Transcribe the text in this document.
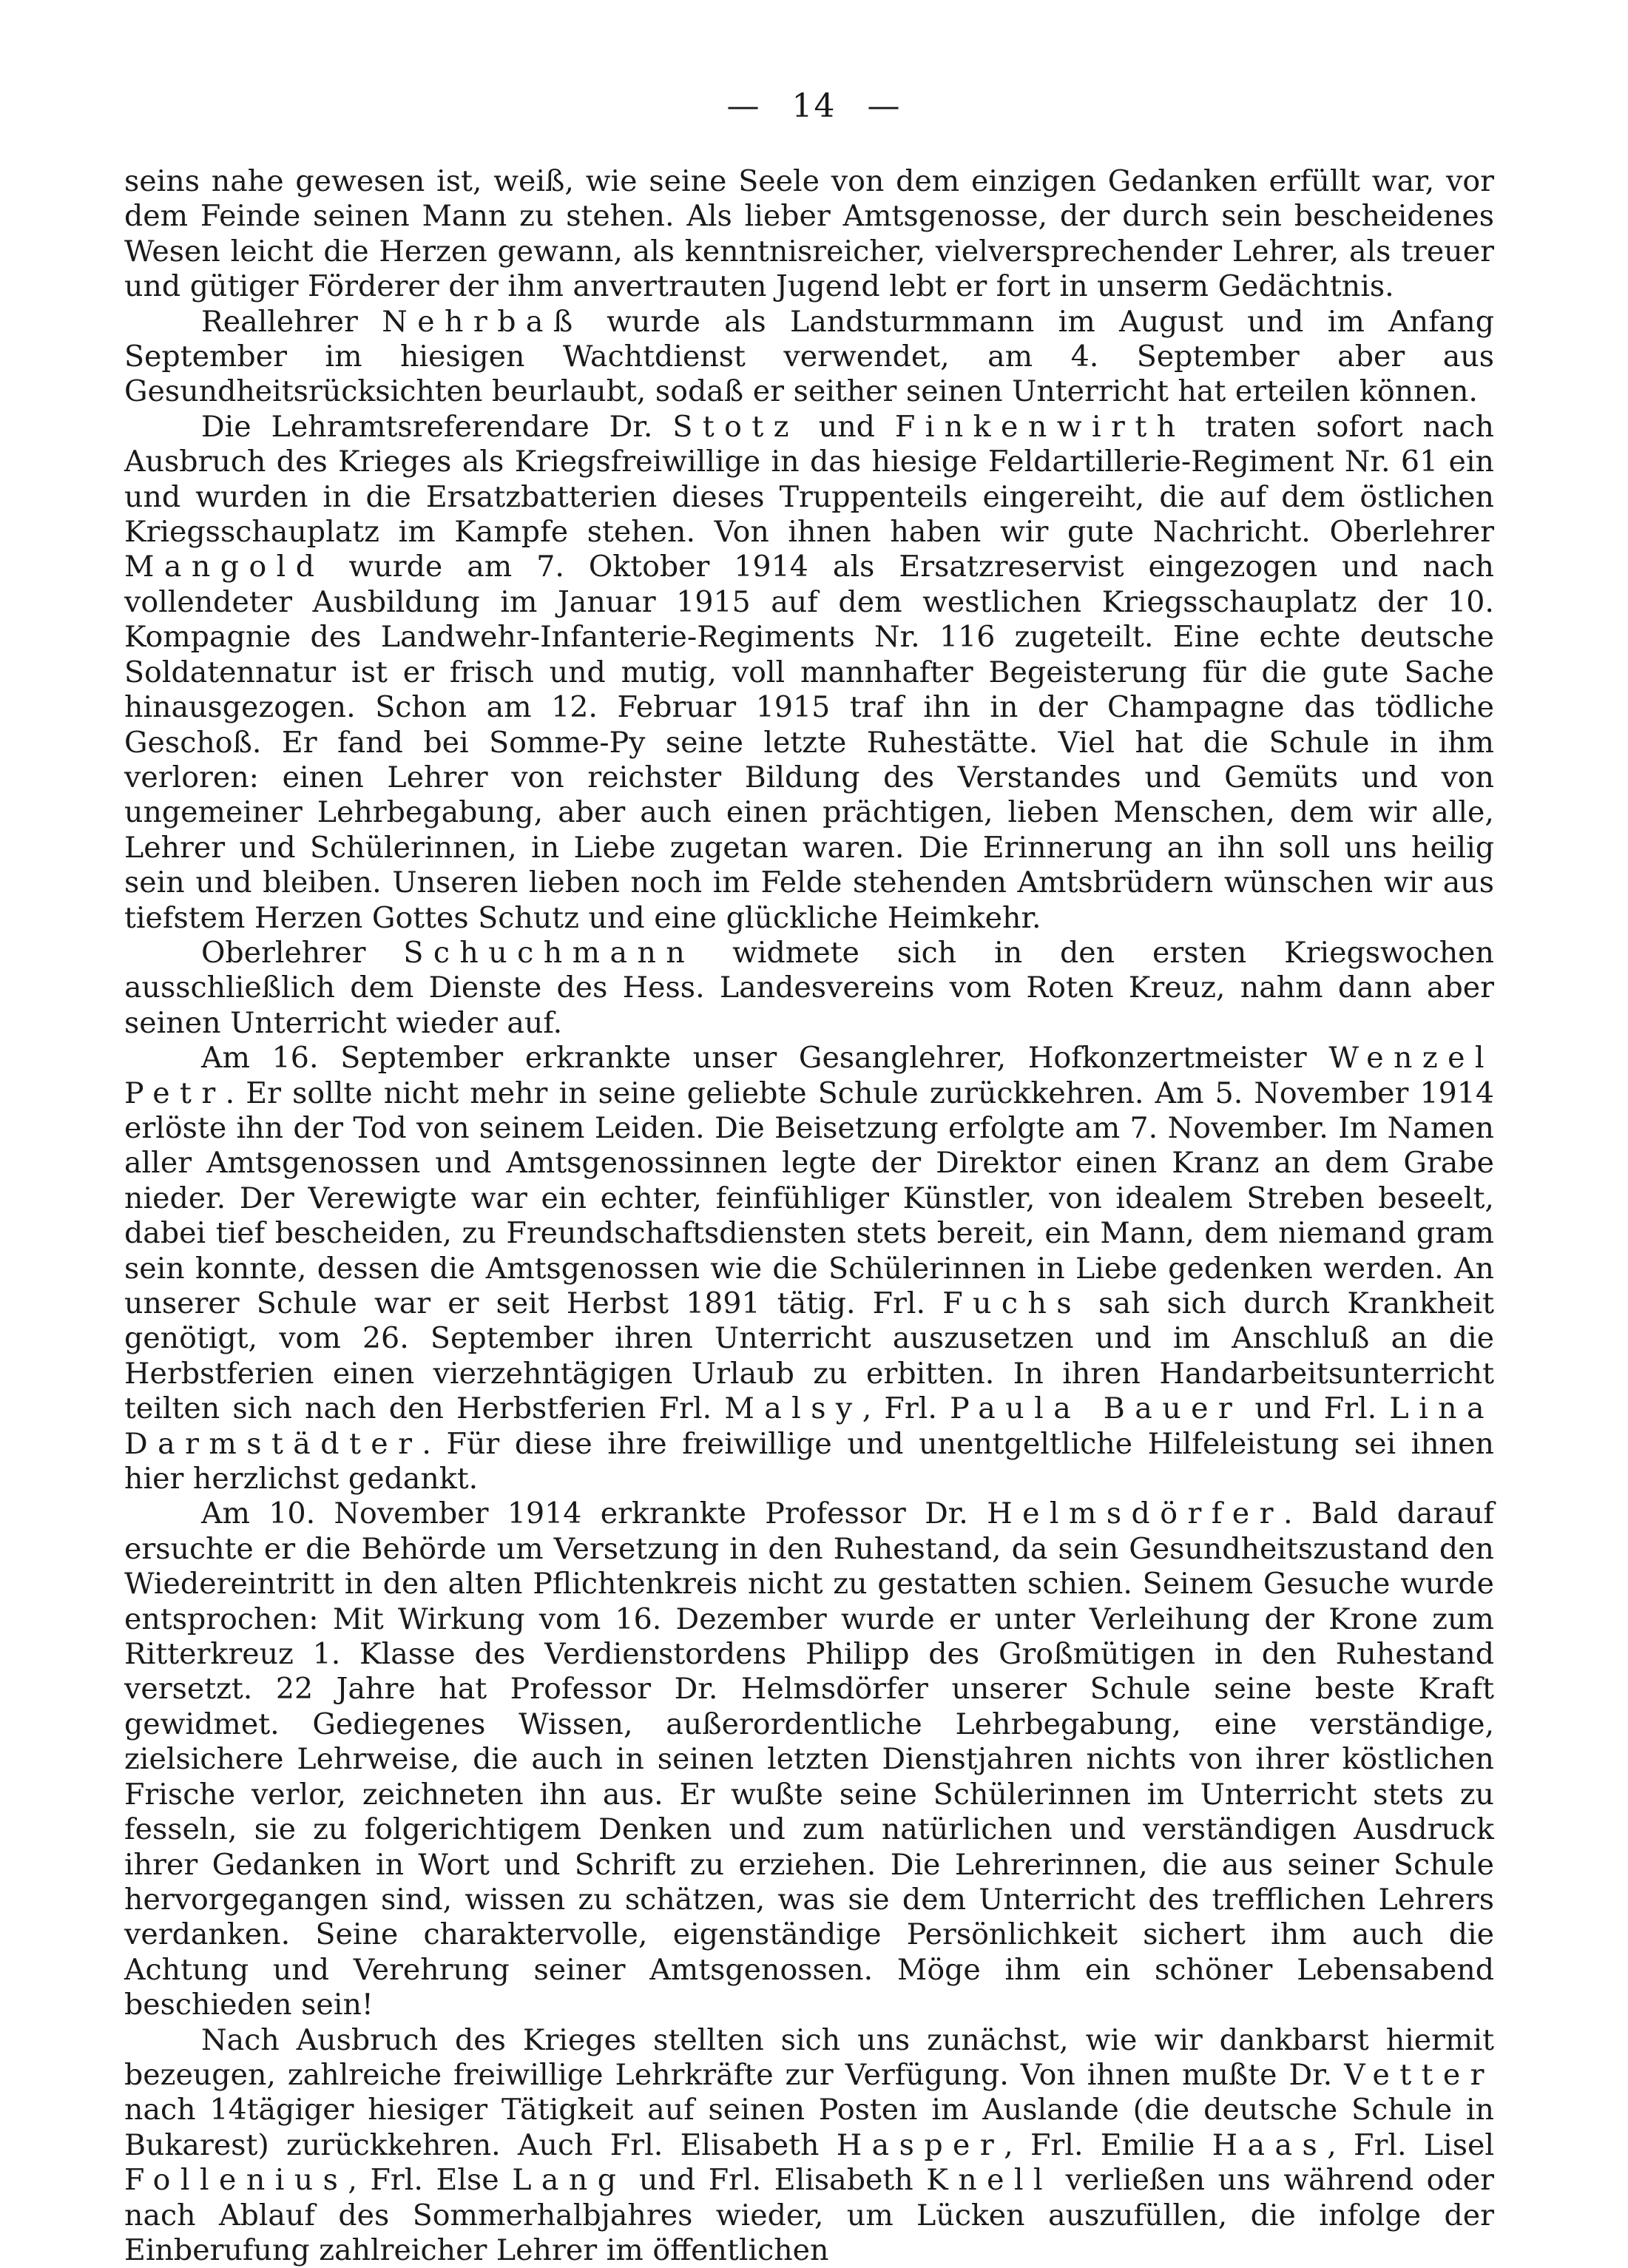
— 14 —

seins nahe gewesen ist, weiß, wie seine Seele von dem einzigen Gedanken erfüllt war, vor dem Feinde seinen Mann zu stehen. Als lieber Amtsgenosse, der durch sein bescheidenes Wesen leicht die Herzen gewann, als kenntnisreicher, vielversprechender Lehrer, als treuer und gütiger Förderer der ihm anvertrauten Jugend lebt er fort in unserm Gedächtnis.

Reallehrer Nehrbaß wurde als Landsturmmann im August und im Anfang September im hiesigen Wachtdienst verwendet, am 4. September aber aus Gesundheitsrücksichten beurlaubt, sodaß er seither seinen Unterricht hat erteilen können.

Die Lehramtsreferendare Dr. Stotz und Finkenwirth traten sofort nach Ausbruch des Krieges als Kriegsfreiwillige in das hiesige Feldartillerie-Regiment Nr. 61 ein und wurden in die Ersatzbatterien dieses Truppenteils eingereiht, die auf dem östlichen Kriegsschauplatz im Kampfe stehen. Von ihnen haben wir gute Nachricht. Oberlehrer Mangold wurde am 7. Oktober 1914 als Ersatzreservist eingezogen und nach vollendeter Ausbildung im Januar 1915 auf dem westlichen Kriegsschauplatz der 10. Kompagnie des Landwehr-Infanterie-Regiments Nr. 116 zugeteilt. Eine echte deutsche Soldatennatur ist er frisch und mutig, voll mannhafter Begeisterung für die gute Sache hinausgezogen. Schon am 12. Februar 1915 traf ihn in der Champagne das tödliche Geschoß. Er fand bei Somme-Py seine letzte Ruhestätte. Viel hat die Schule in ihm verloren: einen Lehrer von reichster Bildung des Verstandes und Gemüts und von ungemeiner Lehrbegabung, aber auch einen prächtigen, lieben Menschen, dem wir alle, Lehrer und Schülerinnen, in Liebe zugetan waren. Die Erinnerung an ihn soll uns heilig sein und bleiben. Unseren lieben noch im Felde stehenden Amtsbrüdern wünschen wir aus tiefstem Herzen Gottes Schutz und eine glückliche Heimkehr.

Oberlehrer Schuchmann widmete sich in den ersten Kriegswochen ausschließlich dem Dienste des Hess. Landesvereins vom Roten Kreuz, nahm dann aber seinen Unterricht wieder auf.

Am 16. September erkrankte unser Gesanglehrer, Hofkonzertmeister Wenzel Petr. Er sollte nicht mehr in seine geliebte Schule zurückkehren. Am 5. November 1914 erlöste ihn der Tod von seinem Leiden. Die Beisetzung erfolgte am 7. November. Im Namen aller Amtsgenossen und Amtsgenossinnen legte der Direktor einen Kranz an dem Grabe nieder. Der Verewigte war ein echter, feinfühliger Künstler, von idealem Streben beseelt, dabei tief bescheiden, zu Freundschaftsdiensten stets bereit, ein Mann, dem niemand gram sein konnte, dessen die Amtsgenossen wie die Schülerinnen in Liebe gedenken werden. An unserer Schule war er seit Herbst 1891 tätig. Frl. Fuchs sah sich durch Krankheit genötigt, vom 26. September ihren Unterricht auszusetzen und im Anschluß an die Herbstferien einen vierzehntägigen Urlaub zu erbitten. In ihren Handarbeitsunterricht teilten sich nach den Herbstferien Frl. Malsy, Frl. Paula Bauer und Frl. Lina Darmstädter. Für diese ihre freiwillige und unentgeltliche Hilfeleistung sei ihnen hier herzlichst gedankt.

Am 10. November 1914 erkrankte Professor Dr. Helmsdörfer. Bald darauf ersuchte er die Behörde um Versetzung in den Ruhestand, da sein Gesundheitszustand den Wiedereintritt in den alten Pflichtenkreis nicht zu gestatten schien. Seinem Gesuche wurde entsprochen: Mit Wirkung vom 16. Dezember wurde er unter Verleihung der Krone zum Ritterkreuz 1. Klasse des Verdienstordens Philipp des Großmütigen in den Ruhestand versetzt. 22 Jahre hat Professor Dr. Helmsdörfer unserer Schule seine beste Kraft gewidmet. Gediegenes Wissen, außerordentliche Lehrbegabung, eine verständige, zielsichere Lehrweise, die auch in seinen letzten Dienstjahren nichts von ihrer köstlichen Frische verlor, zeichneten ihn aus. Er wußte seine Schülerinnen im Unterricht stets zu fesseln, sie zu folgerichtigem Denken und zum natürlichen und verständigen Ausdruck ihrer Gedanken in Wort und Schrift zu erziehen. Die Lehrerinnen, die aus seiner Schule hervorgegangen sind, wissen zu schätzen, was sie dem Unterricht des trefflichen Lehrers verdanken. Seine charaktervolle, eigenständige Persönlichkeit sichert ihm auch die Achtung und Verehrung seiner Amtsgenossen. Möge ihm ein schöner Lebensabend beschieden sein!

Nach Ausbruch des Krieges stellten sich uns zunächst, wie wir dankbarst hiermit bezeugen, zahlreiche freiwillige Lehrkräfte zur Verfügung. Von ihnen mußte Dr. Vetter nach 14tägiger hiesiger Tätigkeit auf seinen Posten im Auslande (die deutsche Schule in Bukarest) zurückkehren. Auch Frl. Elisabeth Hasper, Frl. Emilie Haas, Frl. Lisel Follenius, Frl. Else Lang und Frl. Elisabeth Knell verließen uns während oder nach Ablauf des Sommerhalbjahres wieder, um Lücken auszufüllen, die infolge der Einberufung zahlreicher Lehrer im öffentlichen
